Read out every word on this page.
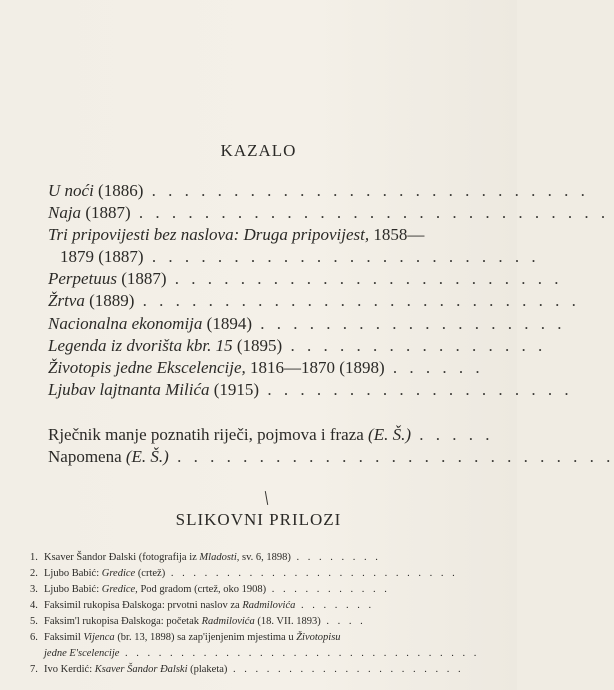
KAZALO
U noći (1886) . . . . . . . . . . . . . . . . . . . . . . . . . . .
Naja (1887) . . . . . . . . . . . . . . . . . . . . . . . . . . . . .
Tri pripovijesti bez naslova: Druga pripovijest, 1858—
1879 (1887) . . . . . . . . . . . . . . . . . . . . . . . .
Perpetuus (1887) . . . . . . . . . . . . . . . . . . . . . . . .
Žrtva (1889) . . . . . . . . . . . . . . . . . . . . . . . . . . .
Nacionalna ekonomija (1894) . . . . . . . . . . . . . . . . . . .
Legenda iz dvorišta kbr. 15 (1895) . . . . . . . . . . . . . . . .
Životopis jedne Ekscelencije, 1816—1870 (1898) . . . . . .
Ljubav lajtnanta Milića (1915) . . . . . . . . . . . . . . . . . . .
Rječnik manje poznatih riječi, pojmova i fraza (E. Š.) . . . . .
Napomena (E. Š.) . . . . . . . . . . . . . . . . . . . . . . . . . . .
SLIKOVNI PRILOZI
1. Ksaver Šandor Đalski (fotografija iz Mladosti, sv. 6, 1898) . . . . . . . .
2. Ljubo Babić: Gredice (crtež) . . . . . . . . . . . . . . . . . . . . . . . . . .
3. Ljubo Babić: Gredice, Pod gradom (crtež, oko 1908) . . . . . . . . . . .
4. Faksimil rukopisa Đalskoga: prvotni naslov za Radmilovića . . . . . . .
5. Faksim'l rukopisa Đalskoga: početak Radmilovića (18. VII. 1893) . . . .
6. Faksimil Vijenca (br. 13, 1898) sa zap'ijenjenim mjestima u Životopisu
jedne E'scelencije . . . . . . . . . . . . . . . . . . . . . . . . . . . . . . . .
7. Ivo Kerdić: Ksaver Šandor Đalski (plaketa) . . . . . . . . . . . . . . . . . . . . .
